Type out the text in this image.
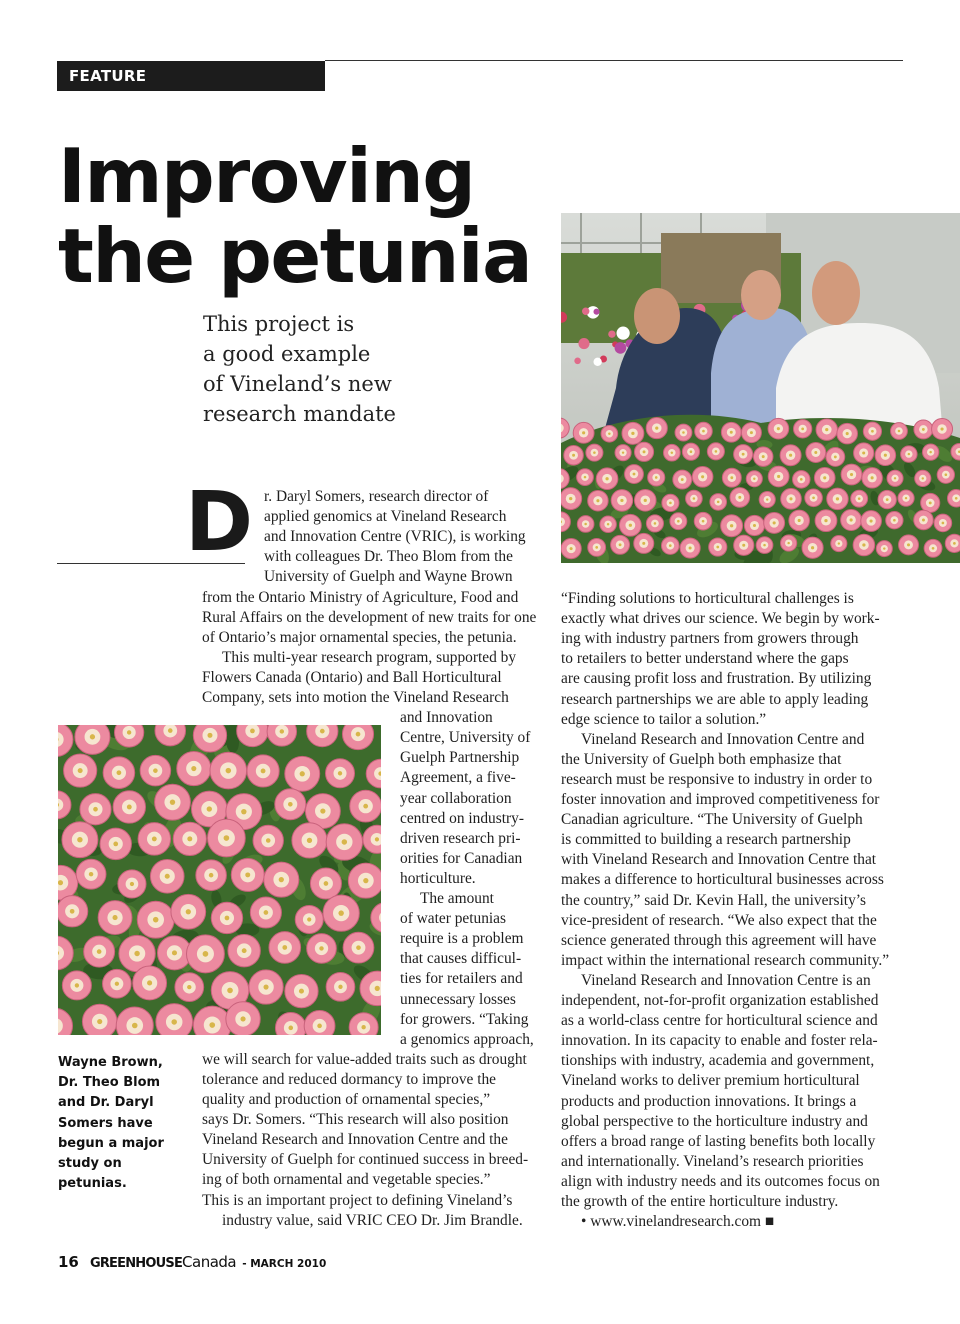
FEATURE
Improving
the petunia

This project is
a good example
of Vineland’s new
research mandate

D r. Daryl Somers, research director of
applied genomics at Vineland Research
and Innovation Centre (VRIC), is working
with colleagues Dr. Theo Blom from the
University of Guelph and Wayne Brown
from the Ontario Ministry of Agriculture, Food and
Rural Affairs on the development of new traits for one
of Ontario’s major ornamental species, the petunia.
This multi-year research program, supported by
Flowers Canada (Ontario) and Ball Horticultural
Company, sets into motion the Vineland Research
and Innovation
Centre, University of
Guelph Partnership
Agreement, a five-
year collaboration
centred on industry-
driven research pri-
orities for Canadian
horticulture.
The amount
of water petunias
require is a problem
that causes difficul-
ties for retailers and
unnecessary losses
for growers. “Taking
a genomics approach,
we will search for value-added traits such as drought
tolerance and reduced dormancy to improve the
quality and production of ornamental species,”
says Dr. Somers. “This research will also position
Vineland Research and Innovation Centre and the
University of Guelph for continued success in breed-
ing of both ornamental and vegetable species.”
This is an important project to defining Vineland’s
industry value, said VRIC CEO Dr. Jim Brandle.
“Finding solutions to horticultural challenges is
exactly what drives our science. We begin by work-
ing with industry partners from growers through
to retailers to better understand where the gaps
are causing profit loss and frustration. By utilizing
research partnerships we are able to apply leading
edge science to tailor a solution.”
Vineland Research and Innovation Centre and
the University of Guelph both emphasize that
research must be responsive to industry in order to
foster innovation and improved competitiveness for
Canadian agriculture. “The University of Guelph
is committed to building a research partnership
with Vineland Research and Innovation Centre that
makes a difference to horticultural businesses across
the country,” said Dr. Kevin Hall, the university’s
vice-president of research. “We also expect that the
science generated through this agreement will have
impact within the international research community.”
Vineland Research and Innovation Centre is an
independent, not-for-profit organization established
as a world-class centre for horticultural science and
innovation. In its capacity to enable and foster rela-
tionships with industry, academia and government,
Vineland works to deliver premium horticultural
products and production innovations. It brings a
global perspective to the horticulture industry and
offers a broad range of lasting benefits both locally
and internationally. Vineland’s research priorities
align with industry needs and its outcomes focus on
the growth of the entire horticulture industry.
• www.vinelandresearch.com ■

Wayne Brown,
Dr. Theo Blom
and Dr. Daryl
Somers have
begun a major
study on
petunias.

16 GREENHOUSECanada - MARCH 2010
